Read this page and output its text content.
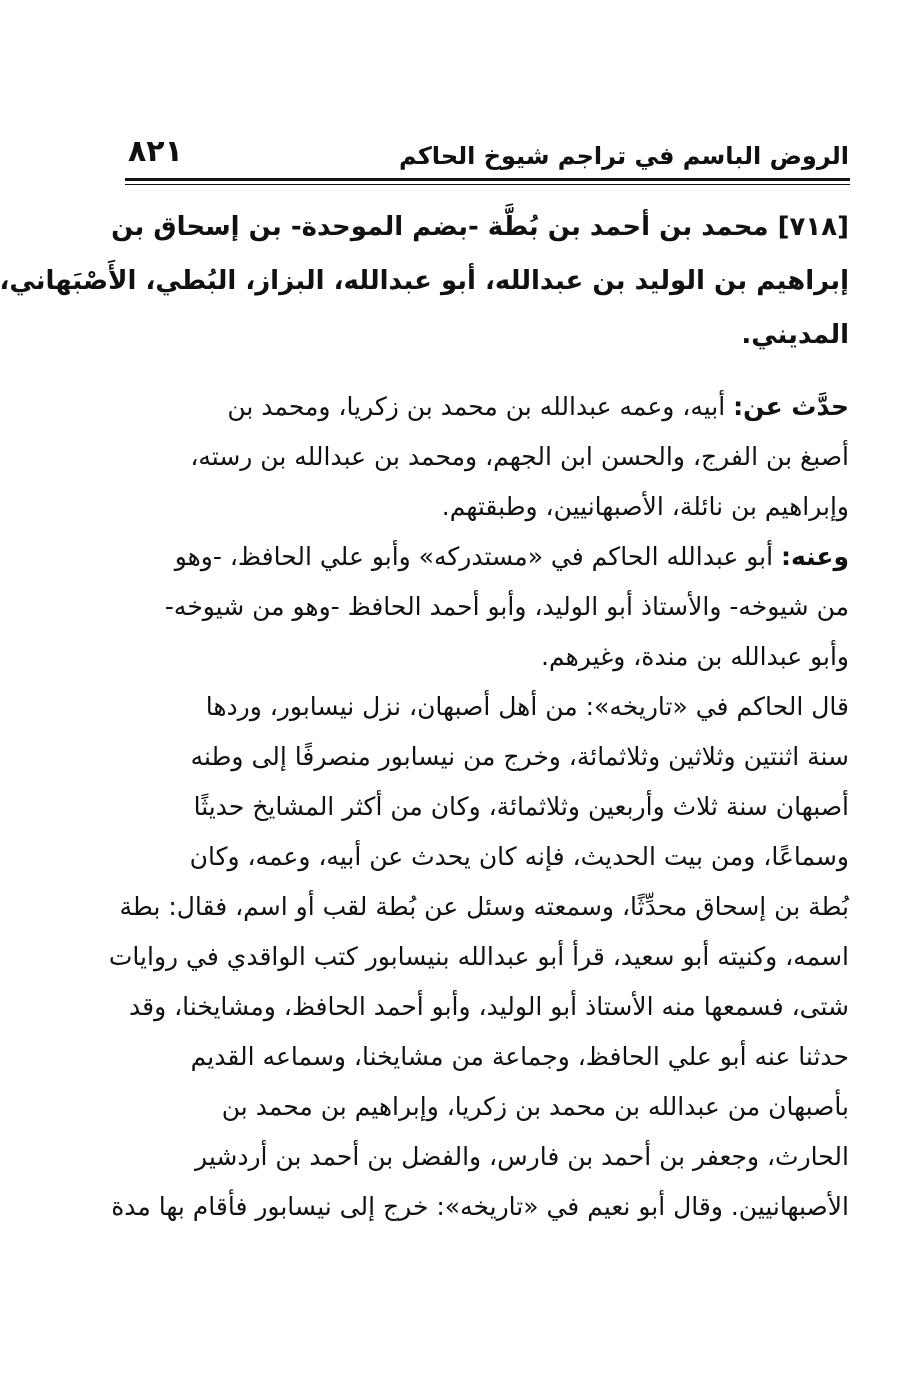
الروض الباسم في تراجم شيوخ الحاكم
٨٢١
[٧١٨] محمد بن أحمد بن بُطَّة -بضم الموحدة- بن إسحاق بن
إبراهيم بن الوليد بن عبدالله، أبو عبدالله، البزاز، البُطي، الأَصْبَهاني،
المديني.
حدَّث عن: أبيه، وعمه عبدالله بن محمد بن زكريا، ومحمد بن
أصبغ بن الفرج، والحسن ابن الجهم، ومحمد بن عبدالله بن رسته،
وإبراهيم بن نائلة، الأصبهانيين، وطبقتهم.
وعنه: أبو عبدالله الحاكم في «مستدركه» وأبو علي الحافظ، -وهو
من شيوخه- والأستاذ أبو الوليد، وأبو أحمد الحافظ -وهو من شيوخه-
وأبو عبدالله بن مندة، وغيرهم.
قال الحاكم في «تاريخه»: من أهل أصبهان، نزل نيسابور، وردها
سنة اثنتين وثلاثين وثلاثمائة، وخرج من نيسابور منصرفًا إلى وطنه
أصبهان سنة ثلاث وأربعين وثلاثمائة، وكان من أكثر المشايخ حديثًا
وسماعًا، ومن بيت الحديث، فإنه كان يحدث عن أبيه، وعمه، وكان
بُطة بن إسحاق محدِّثًا، وسمعته وسئل عن بُطة لقب أو اسم، فقال: بطة
اسمه، وكنيته أبو سعيد، قرأ أبو عبدالله بنيسابور كتب الواقدي في روايات
شتى، فسمعها منه الأستاذ أبو الوليد، وأبو أحمد الحافظ، ومشايخنا، وقد
حدثنا عنه أبو علي الحافظ، وجماعة من مشايخنا، وسماعه القديم
بأصبهان من عبدالله بن محمد بن زكريا، وإبراهيم بن محمد بن
الحارث، وجعفر بن أحمد بن فارس، والفضل بن أحمد بن أردشير
الأصبهانيين. وقال أبو نعيم في «تاريخه»: خرج إلى نيسابور فأقام بها مدة
